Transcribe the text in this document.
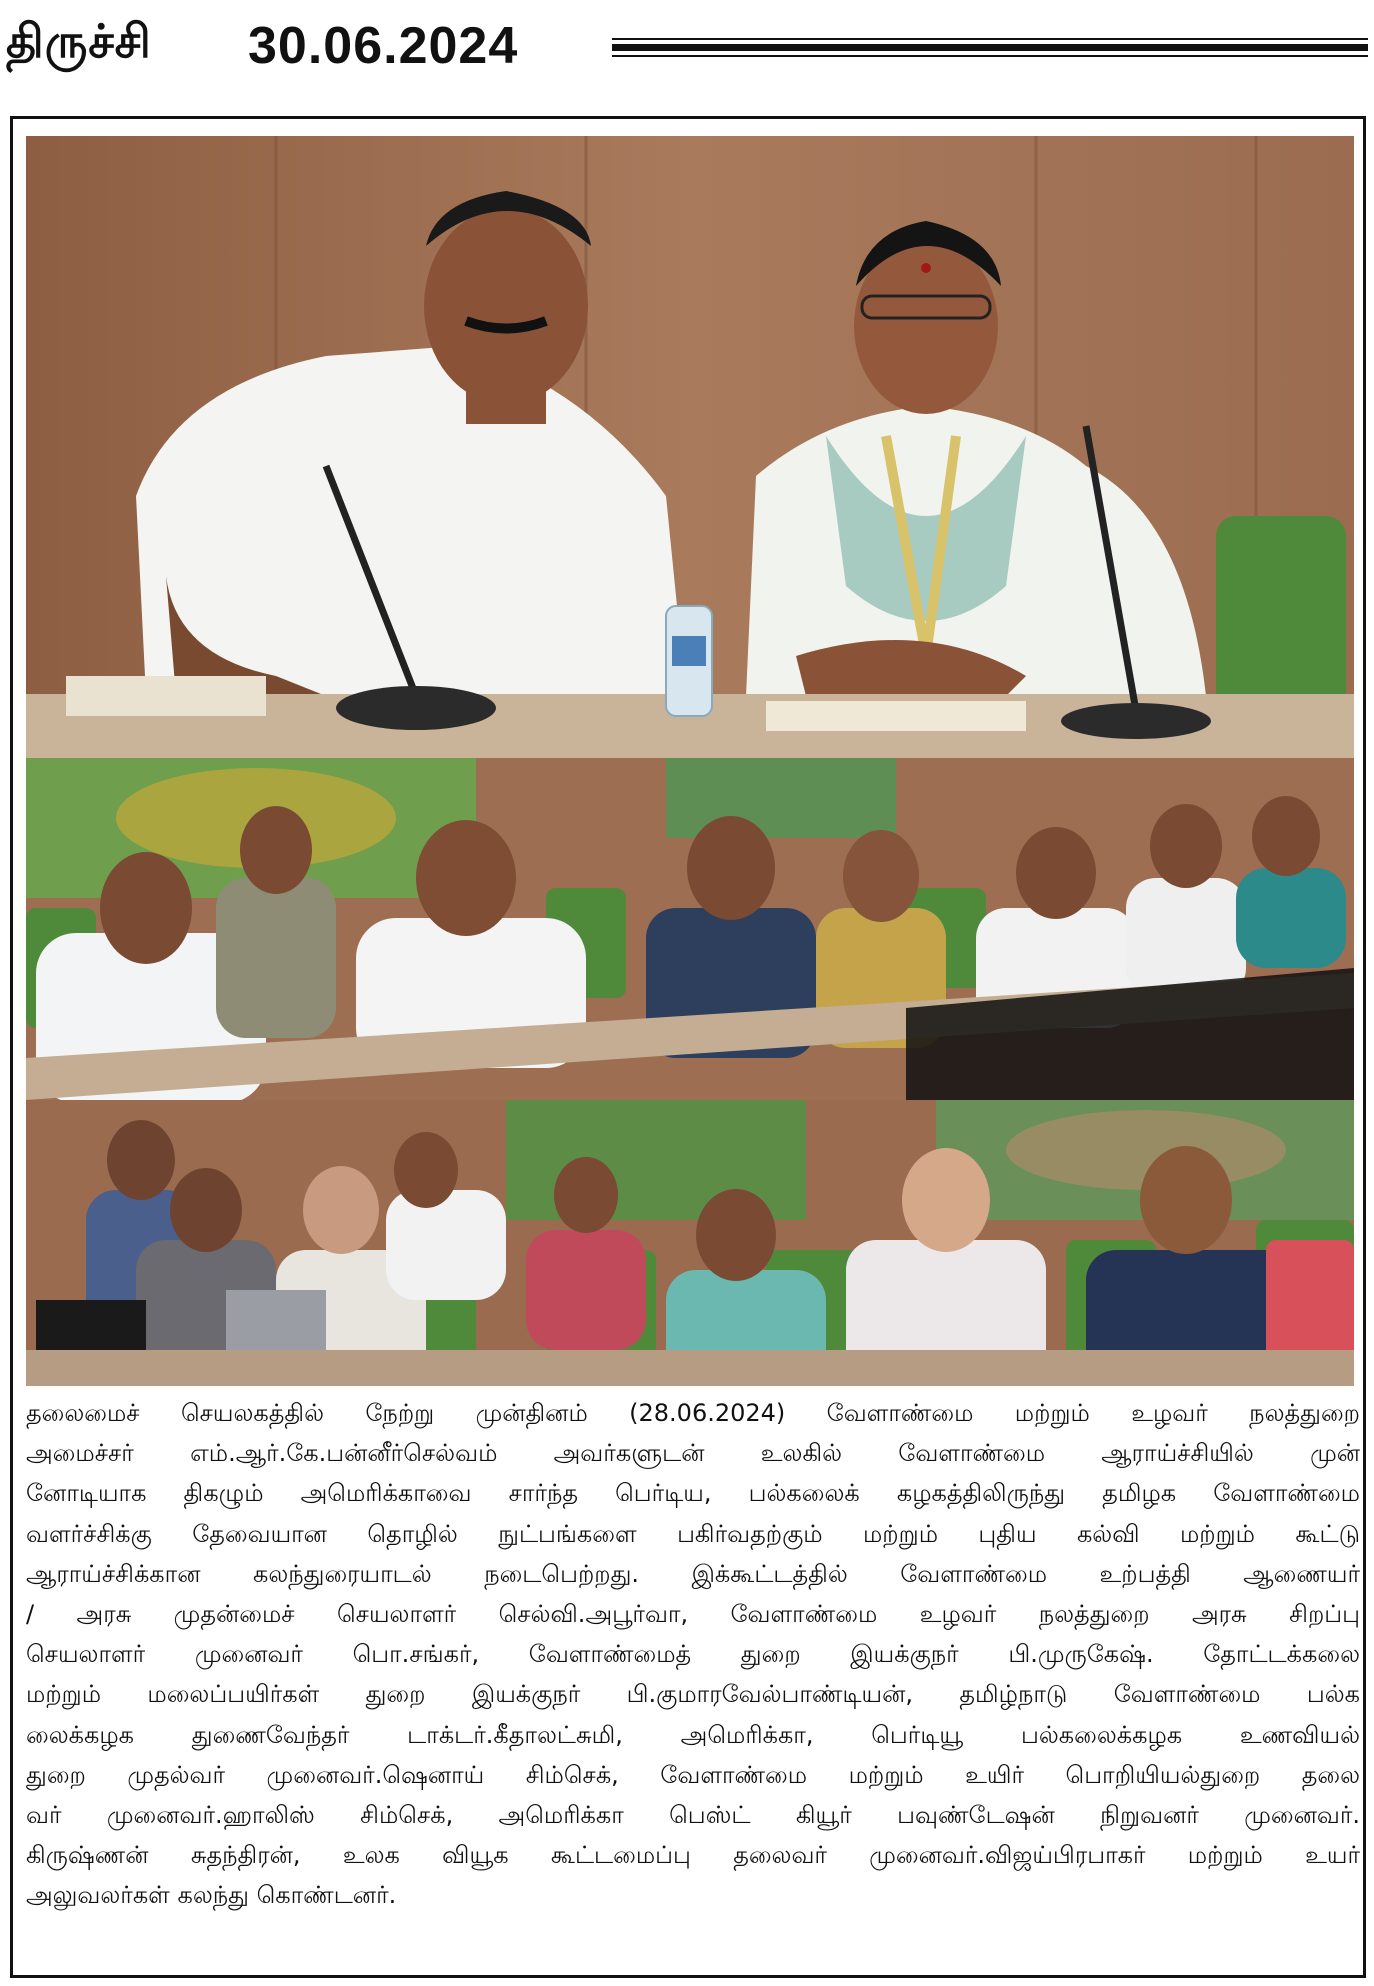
திருச்சி 30.06.2024
தலைமைச் செயலகத்தில் நேற்று முன்தினம் (28.06.2024) வேளாண்மை மற்றும் உழவர் நலத்துறை
அமைச்சர் எம்.ஆர்.கே.பன்னீர்செல்வம் அவர்களுடன் உலகில் வேளாண்மை ஆராய்ச்சியில் முன்
னோடியாக திகழும் அமெரிக்காவை சார்ந்த பெர்டிய, பல்கலைக் கழகத்திலிருந்து தமிழக வேளாண்மை
வளர்ச்சிக்கு தேவையான தொழில் நுட்பங்களை பகிர்வதற்கும் மற்றும் புதிய கல்வி மற்றும் கூட்டு
ஆராய்ச்சிக்கான கலந்துரையாடல் நடைபெற்றது. இக்கூட்டத்தில் வேளாண்மை உற்பத்தி ஆணையர்
/ அரசு முதன்மைச் செயலாளர் செல்வி.அபூர்வா, வேளாண்மை உழவர் நலத்துறை அரசு சிறப்பு
செயலாளர் முனைவர் பொ.சங்கர், வேளாண்மைத் துறை இயக்குநர் பி.முருகேஷ். தோட்டக்கலை
மற்றும் மலைப்பயிர்கள் துறை இயக்குநர் பி.குமாரவேல்பாண்டியன், தமிழ்நாடு வேளாண்மை பல்க
லைக்கழக துணைவேந்தர் டாக்டர்.கீதாலட்சுமி, அமெரிக்கா, பெர்டியூ பல்கலைக்கழக உணவியல்
துறை முதல்வர் முனைவர்.ஷெனாய் சிம்செக், வேளாண்மை மற்றும் உயிர் பொறியியல்துறை தலை
வர் முனைவர்.ஹாலிஸ் சிம்செக், அமெரிக்கா பெஸ்ட் கியூர் பவுண்டேஷன் நிறுவனர் முனைவர்.
கிருஷ்ணன் சுதந்திரன், உலக வியூக கூட்டமைப்பு தலைவர் முனைவர்.விஜய்பிரபாகர் மற்றும் உயர்
அலுவலர்கள் கலந்து கொண்டனர்.
